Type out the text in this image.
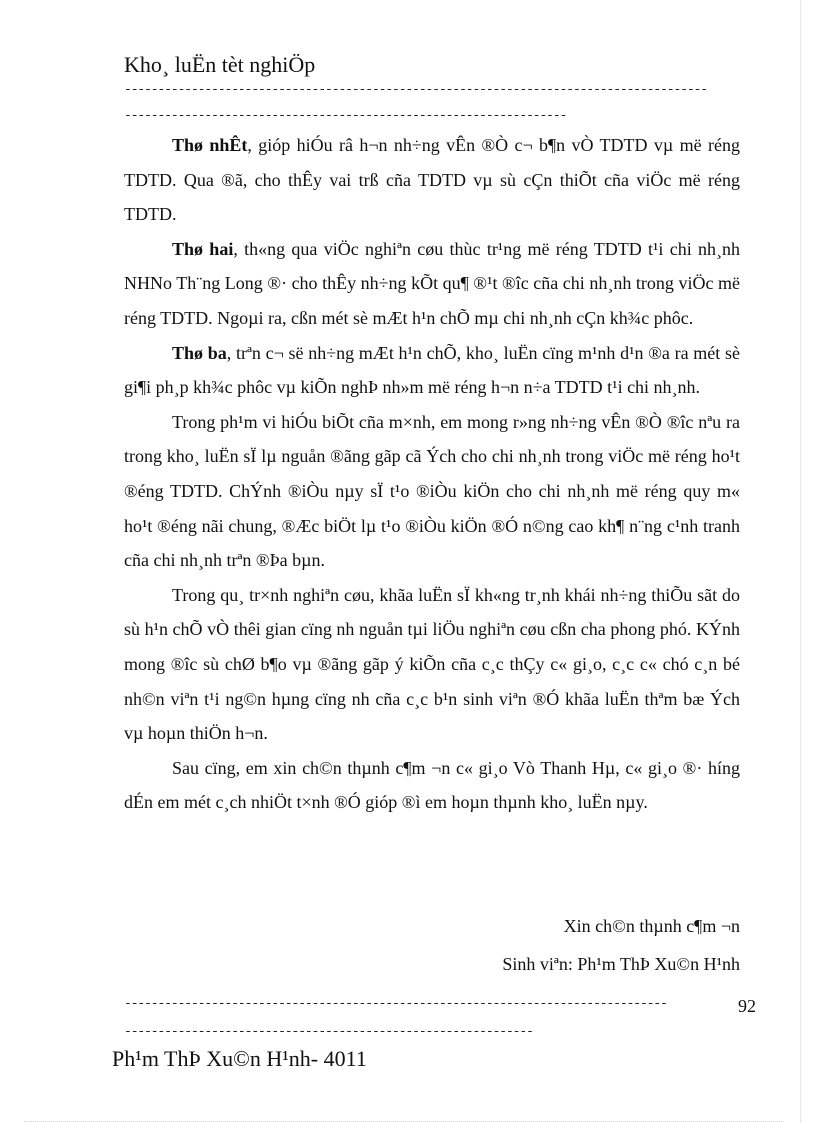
Kho¸ luËn tèt nghiÖp
---------------------------------------------------------------------------------------
------------------------------------------------------------------

Thø nhÊt, gióp hiÓu râ h¬n nh÷ng vÊn ®Ò c¬ b¶n vÒ TDTD vµ më réng TDTD. Qua ®ã, cho thÊy vai trß cña TDTD vµ sù cÇn thiÕt cña viÖc më réng TDTD.

Thø hai, th«ng qua viÖc nghiªn cøu thùc tr¹ng më réng TDTD t¹i chi nh¸nh NHNo Th¨ng Long ®· cho thÊy nh÷ng kÕt qu¶ ®¹t ®îc cña chi nh¸nh trong viÖc më réng TDTD. Ngoµi ra, cßn mét sè mÆt h¹n chÕ mµ chi nh¸nh cÇn kh¾c phôc.

Thø ba, trªn c¬ së nh÷ng mÆt h¹n chÕ, kho¸ luËn cïng m¹nh d¹n ®a ra mét sè gi¶i ph¸p kh¾c phôc vµ kiÕn nghÞ nh»m më réng h¬n n÷a TDTD t¹i chi nh¸nh.

Trong ph¹m vi hiÓu biÕt cña m×nh, em mong r»ng nh÷ng vÊn ®Ò ®îc nªu ra trong kho¸ luËn sÏ lµ nguån ®ãng gãp cã Ých cho chi nh¸nh trong viÖc më réng ho¹t ®éng TDTD. ChÝnh ®iÒu nµy sÏ t¹o ®iÒu kiÖn cho chi nh¸nh më réng quy m« ho¹t ®éng nãi chung, ®Æc biÖt lµ t¹o ®iÒu kiÖn ®Ó n©ng cao kh¶ n¨ng c¹nh tranh cña chi nh¸nh trªn ®Þa bµn.

Trong qu¸ tr×nh nghiªn cøu, khãa luËn sÏ kh«ng tr¸nh khái nh÷ng thiÕu sãt do sù h¹n chÕ vÒ thêi gian cïng nh nguån tµi liÖu nghiªn cøu cßn cha phong phó. KÝnh mong ®îc sù chØ b¶o vµ ®ãng gãp ý kiÕn cña c¸c thÇy c« gi¸o, c¸c c« chó c¸n bé nh©n viªn t¹i ng©n hµng cïng nh cña c¸c b¹n sinh viªn ®Ó khãa luËn thªm bæ Ých vµ hoµn thiÖn h¬n.

Sau cïng, em xin ch©n thµnh c¶m ¬n c« gi¸o Vò Thanh Hµ, c« gi¸o ®· híng dÉn em mét c¸ch nhiÖt t×nh ®Ó gióp ®ì em hoµn thµnh kho¸ luËn nµy.

Xin ch©n thµnh c¶m ¬n
Sinh viªn: Ph¹m ThÞ Xu©n H¹nh
---------------------------------------------------------------------------------	92
-------------------------------------------------------------
Ph¹m ThÞ Xu©n H¹nh- 4011
